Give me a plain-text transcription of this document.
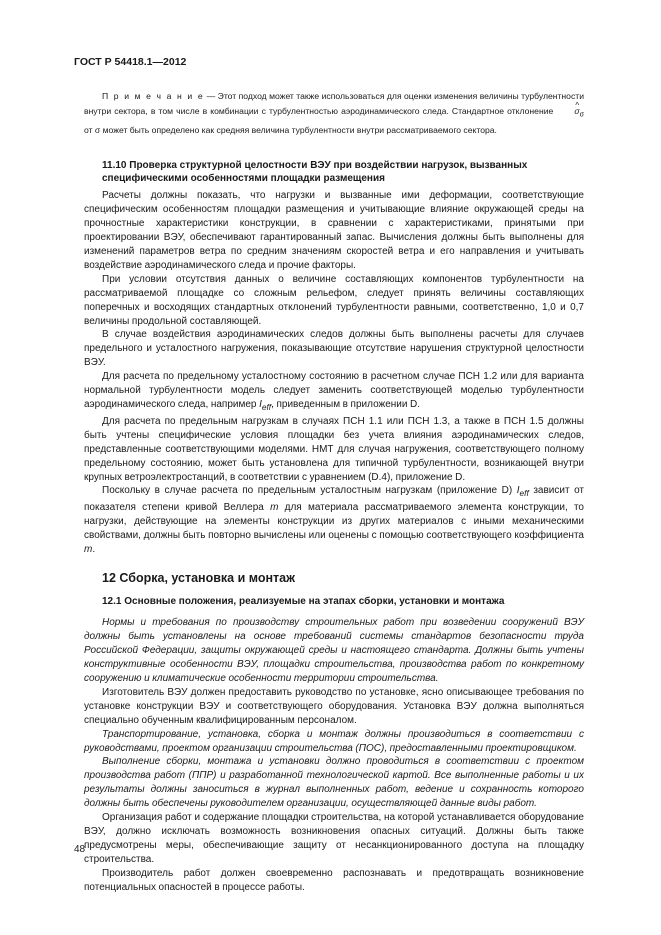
ГОСТ Р 54418.1—2012

П р и м е ч а н и е — Этот подход может также использоваться для оценки изменения величины турбулентности внутри сектора, в том числе в комбинации с турбулентностью аэродинамического следа. Стандартное отклонение ^ $\sigma_\sigma$ от σ может быть определено как средняя величина турбулентности внутри рассматриваемого сектора.

11.10 Проверка структурной целостности ВЭУ при воздействии нагрузок, вызванных специфическими особенностями площадки размещения

Расчеты должны показать, что нагрузки и вызванные ими деформации, соответствующие специфическим особенностям площадки размещения и учитывающие влияние окружающей среды на прочностные характеристики конструкции, в сравнении с характеристиками, принятыми при проектировании ВЭУ, обеспечивают гарантированный запас. Вычисления должны быть выполнены для изменений параметров ветра по средним значениям скоростей ветра и его направления и учитывать воздействие аэродинамического следа и прочие факторы.

При условии отсутствия данных о величине составляющих компонентов турбулентности на рассматриваемой площадке со сложным рельефом, следует принять величины составляющих поперечных и восходящих стандартных отклонений турбулентности равными, соответственно, 1,0 и 0,7 величины продольной составляющей.

В случае воздействия аэродинамических следов должны быть выполнены расчеты для случаев предельного и усталостного нагружения, показывающие отсутствие нарушения структурной целостности ВЭУ.

Для расчета по предельному усталостному состоянию в расчетном случае ПСН 1.2 или для варианта нормальной турбулентности модель следует заменить соответствующей моделью турбулентности аэродинамического следа, например $I_{eff}$, приведенным в приложении D.

Для расчета по предельным нагрузкам в случаях ПСН 1.1 или ПСН 1.3, а также в ПСН 1.5 должны быть учтены специфические условия площадки без учета влияния аэродинамических следов, представленные соответствующими моделями. НМТ для случая нагружения, соответствующего полному предельному состоянию, может быть установлена для типичной турбулентности, возникающей внутри крупных ветроэлектростанций, в соответствии с уравнением (D.4), приложение D.

Поскольку в случае расчета по предельным усталостным нагрузкам (приложение D) $I_{eff}$ зависит от показателя степени кривой Веллера m для материала рассматриваемого элемента конструкции, то нагрузки, действующие на элементы конструкции из других материалов с иными механическими свойствами, должны быть повторно вычислены или оценены с помощью соответствующего коэффициента m.

12 Сборка, установка и монтаж

12.1 Основные положения, реализуемые на этапах сборки, установки и монтажа

Нормы и требования по производству строительных работ при возведении сооружений ВЭУ должны быть установлены на основе требований системы стандартов безопасности труда Российской Федерации, защиты окружающей среды и настоящего стандарта. Должны быть учтены конструктивные особенности ВЭУ, площадки строительства, производства работ по конкретному сооружению и климатические особенности территории строительства.

Изготовитель ВЭУ должен предоставить руководство по установке, ясно описывающее требования по установке конструкции ВЭУ и соответствующего оборудования. Установка ВЭУ должна выполняться специально обученным квалифицированным персоналом.

Транспортирование, установка, сборка и монтаж должны производиться в соответствии с руководствами, проектом организации строительства (ПОС), предоставленными проектировщиком.

Выполнение сборки, монтажа и установки должно проводиться в соответствии с проектом производства работ (ППР) и разработанной технологической картой. Все выполненные работы и их результаты должны заноситься в журнал выполненных работ, ведение и сохранность которого должны быть обеспечены руководителем организации, осуществляющей данные виды работ.

Организация работ и содержание площадки строительства, на которой устанавливается оборудование ВЭУ, должно исключать возможность возникновения опасных ситуаций. Должны быть также предусмотрены меры, обеспечивающие защиту от несанкционированного доступа на площадку строительства.

Производитель работ должен своевременно распознавать и предотвращать возникновение потенциальных опасностей в процессе работы.

48
